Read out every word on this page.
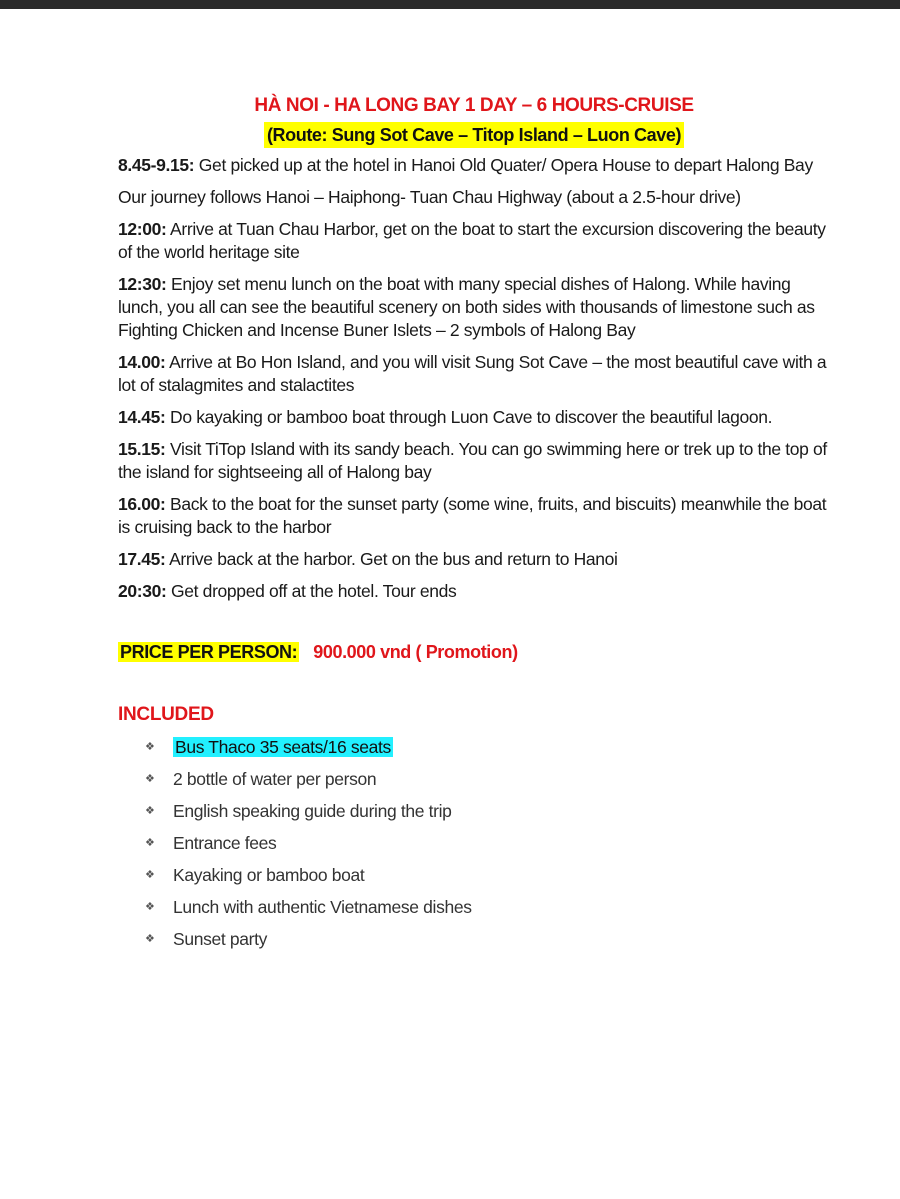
HÀ NOI - HA LONG BAY 1 DAY – 6 HOURS-CRUISE
(Route: Sung Sot Cave – Titop Island – Luon Cave)

8.45-9.15: Get picked up at the hotel in Hanoi Old Quater/ Opera House to depart Halong Bay

Our journey follows Hanoi – Haiphong- Tuan Chau Highway (about a 2.5-hour drive)

12:00: Arrive at Tuan Chau Harbor, get on the boat to start the excursion discovering the beauty of the world heritage site

12:30: Enjoy set menu lunch on the boat with many special dishes of Halong. While having lunch, you all can see the beautiful scenery on both sides with thousands of limestone such as Fighting Chicken and Incense Buner Islets – 2 symbols of Halong Bay

14.00: Arrive at Bo Hon Island, and you will visit Sung Sot Cave – the most beautiful cave with a lot of stalagmites and stalactites

14.45: Do kayaking or bamboo boat through Luon Cave to discover the beautiful lagoon.

15.15: Visit TiTop Island with its sandy beach. You can go swimming here or trek up to the top of the island for sightseeing all of Halong bay

16.00: Back to the boat for the sunset party (some wine, fruits, and biscuits) meanwhile the boat is cruising back to the harbor

17.45: Arrive back at the harbor. Get on the bus and return to Hanoi

20:30: Get dropped off at the hotel. Tour ends

PRICE PER PERSON: 900.000 vnd ( Promotion)
INCLUDED
❖ Bus Thaco 35 seats/16 seats
❖ 2 bottle of water per person
❖ English speaking guide during the trip
❖ Entrance fees
❖ Kayaking or bamboo boat
❖ Lunch with authentic Vietnamese dishes
❖ Sunset party
